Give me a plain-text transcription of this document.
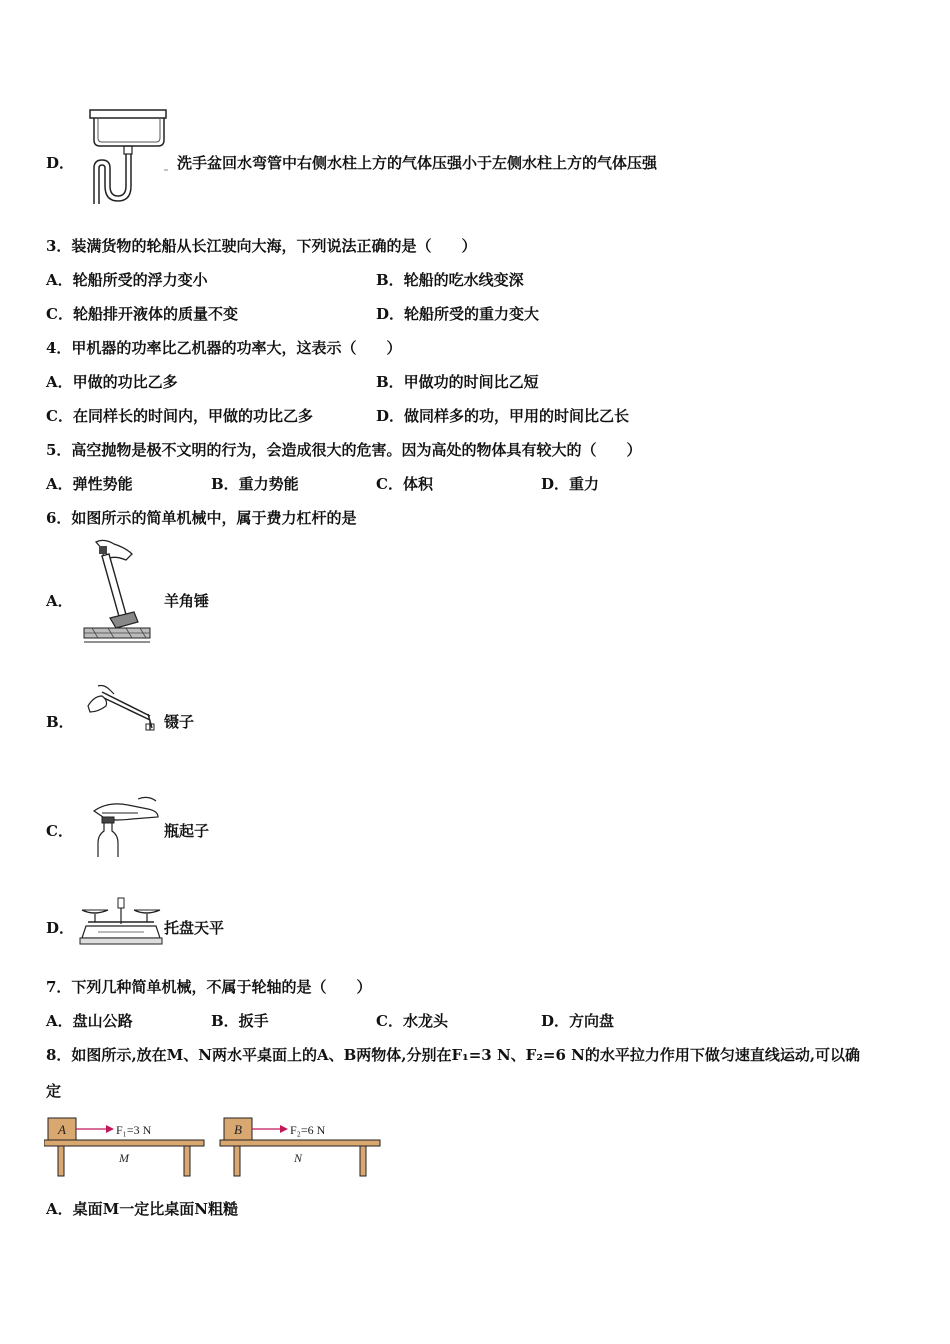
D．	洗手盆回水弯管中右侧水柱上方的气体压强小于左侧水柱上方的气体压强
3．装满货物的轮船从长江驶向大海，下列说法正确的是（　　）
A．轮船所受的浮力变小	B．轮船的吃水线变深
C．轮船排开液体的质量不变	D．轮船所受的重力变大
4．甲机器的功率比乙机器的功率大，这表示（　　）
A．甲做的功比乙多	B．甲做功的时间比乙短
C．在同样长的时间内，甲做的功比乙多	D．做同样多的功，甲用的时间比乙长
5．高空抛物是极不文明的行为，会造成很大的危害。因为高处的物体具有较大的（　　）
A．弹性势能	B．重力势能	C．体积	D．重力
6．如图所示的简单机械中，属于费力杠杆的是
A．	羊角锤
B．	镊子
C．	瓶起子
D．	托盘天平
7．下列几种简单机械，不属于轮轴的是（　　）
A．盘山公路	B．扳手	C．水龙头	D．方向盘
8．如图所示,放在M、N两水平桌面上的A、B两物体,分别在F₁=3 N、F₂=6 N的水平拉力作用下做匀速直线运动,可以确
定
A	F₁=3 N
M
B	F₂=6 N
N
A．桌面M一定比桌面N粗糙
